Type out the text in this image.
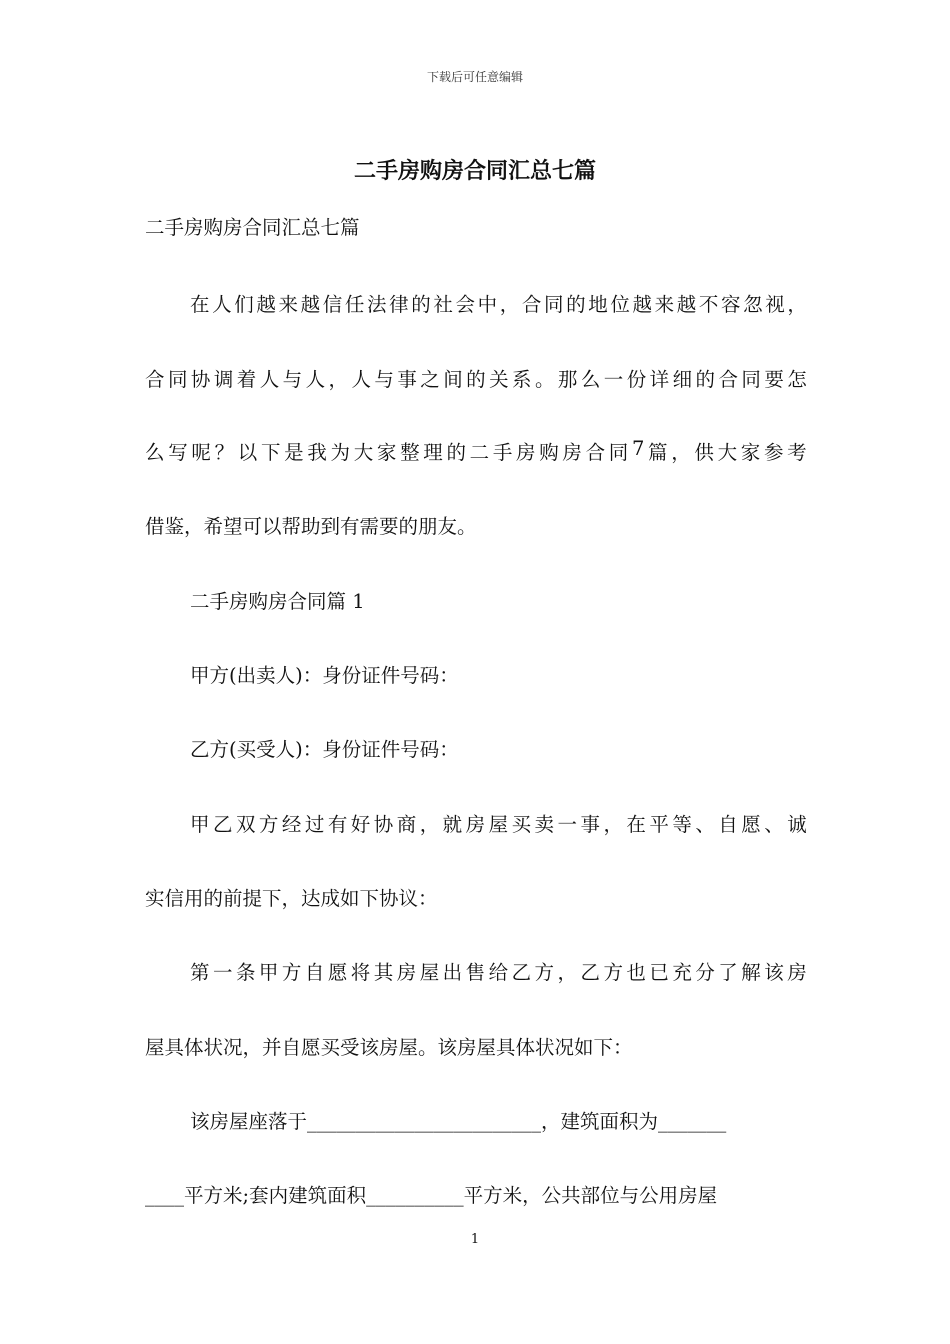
下载后可任意编辑
二手房购房合同汇总七篇
二手房购房合同汇总七篇
在 人 们 越 来 越 信 任 法 律 的 社 会 中 ， 合 同 的 地 位 越 来 越 不 容 忽 视 ，
合 同 协 调 着 人 与 人 ， 人 与 事 之 间 的 关 系 。 那 么 一 份 详 细 的 合 同 要 怎
么 写 呢 ？ 以 下 是 我 为 大 家 整 理 的 二 手 房 购 房 合 同 7 篇 ， 供 大 家 参 考
借鉴，希望可以帮助到有需要的朋友。
二手房购房合同篇 1
甲方(出卖人)：身份证件号码：
乙方(买受人)：身份证件号码：
甲 乙 双 方 经 过 有 好 协 商 ， 就 房 屋 买 卖 一 事 ， 在 平 等 、 自 愿 、 诚
实信用的前提下，达成如下协议：
第 一 条 甲 方 自 愿 将 其 房 屋 出 售 给 乙 方 ， 乙 方 也 已 充 分 了 解 该 房
屋具体状况，并自愿买受该房屋。该房屋具体状况如下：
该房屋座落于________________________，建筑面积为_______
____平方米;套内建筑面积__________平方米，公共部位与公用房屋
1
